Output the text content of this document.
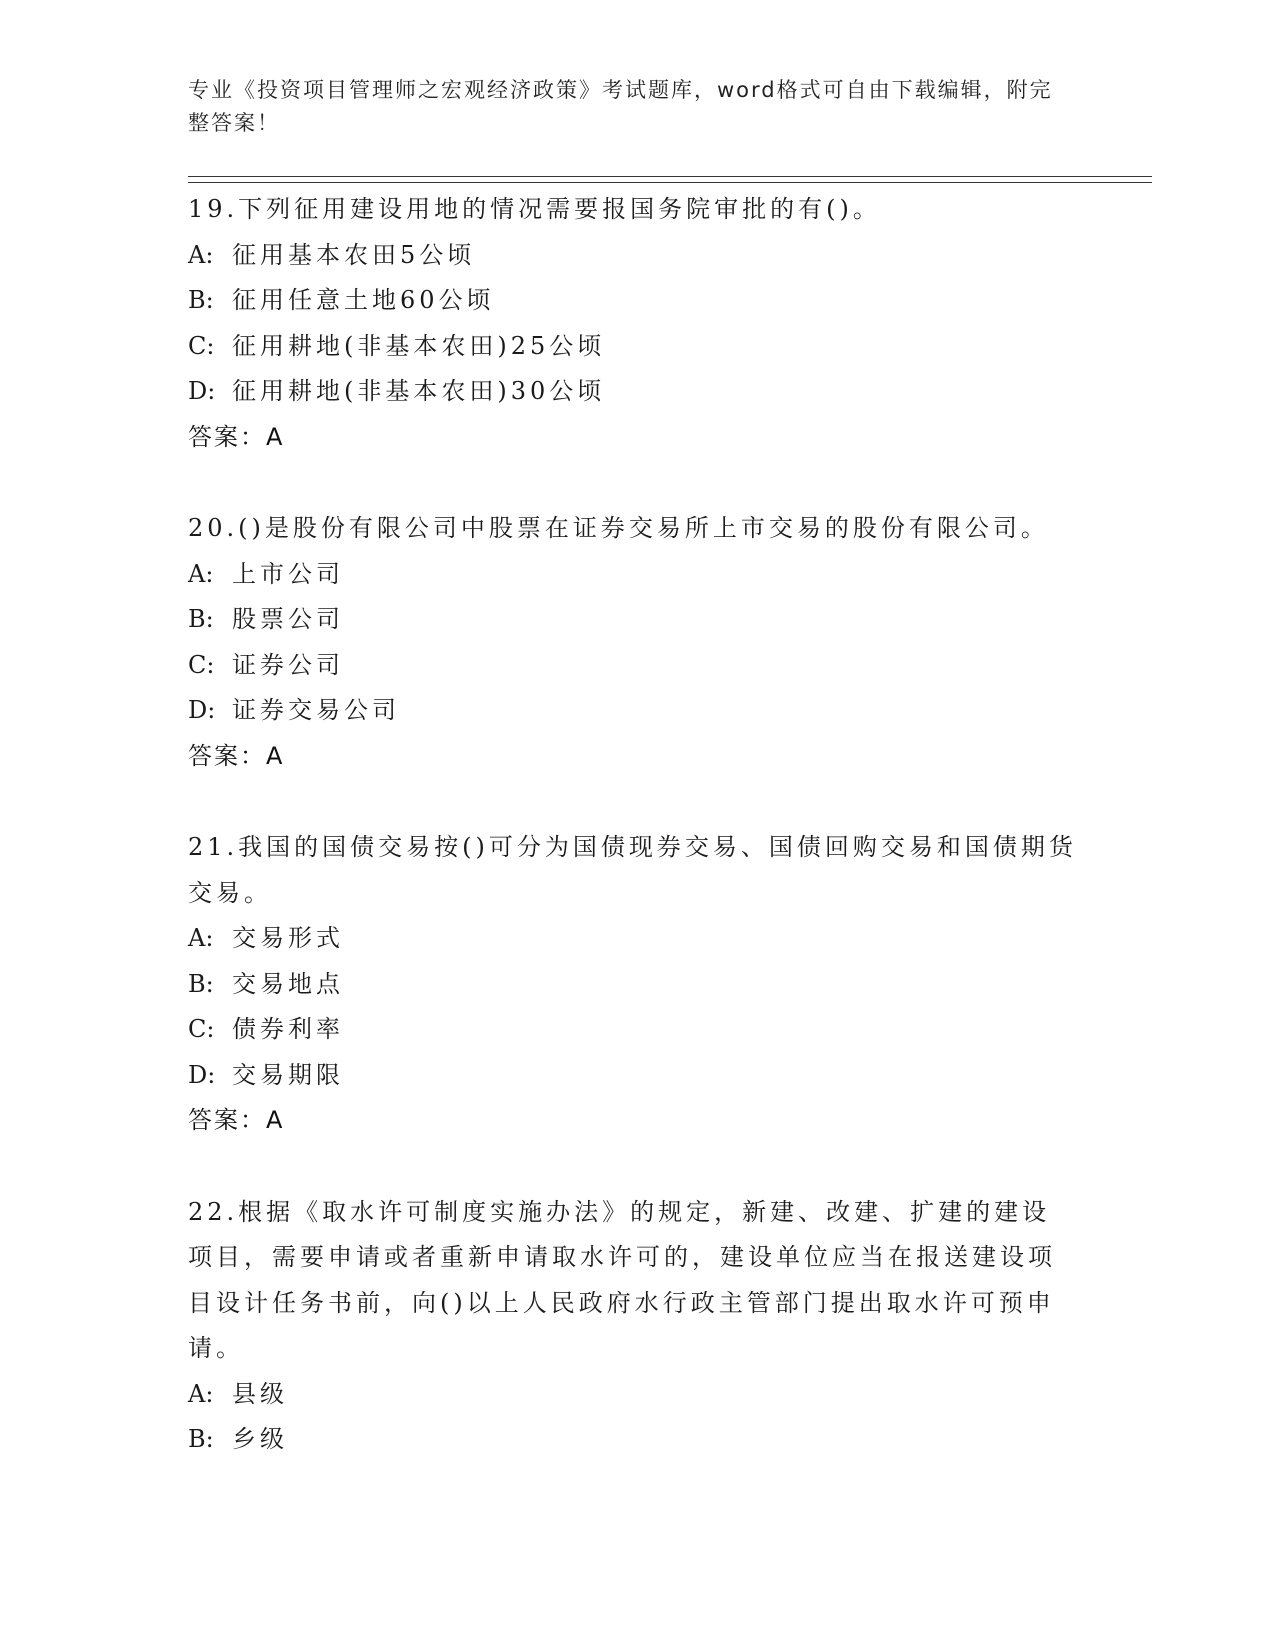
专业《投资项目管理师之宏观经济政策》考试题库，word格式可自由下载编辑，附完整答案！
19.下列征用建设用地的情况需要报国务院审批的有()。
A: 征用基本农田5公顷
B: 征用任意土地60公顷
C: 征用耕地(非基本农田)25公顷
D: 征用耕地(非基本农田)30公顷
答案：A
20.()是股份有限公司中股票在证券交易所上市交易的股份有限公司。
A: 上市公司
B: 股票公司
C: 证券公司
D: 证券交易公司
答案：A
21.我国的国债交易按()可分为国债现券交易、国债回购交易和国债期货交易。
A: 交易形式
B: 交易地点
C: 债券利率
D: 交易期限
答案：A
22.根据《取水许可制度实施办法》的规定，新建、改建、扩建的建设项目，需要申请或者重新申请取水许可的，建设单位应当在报送建设项目设计任务书前，向()以上人民政府水行政主管部门提出取水许可预申请。
A: 县级
B: 乡级
